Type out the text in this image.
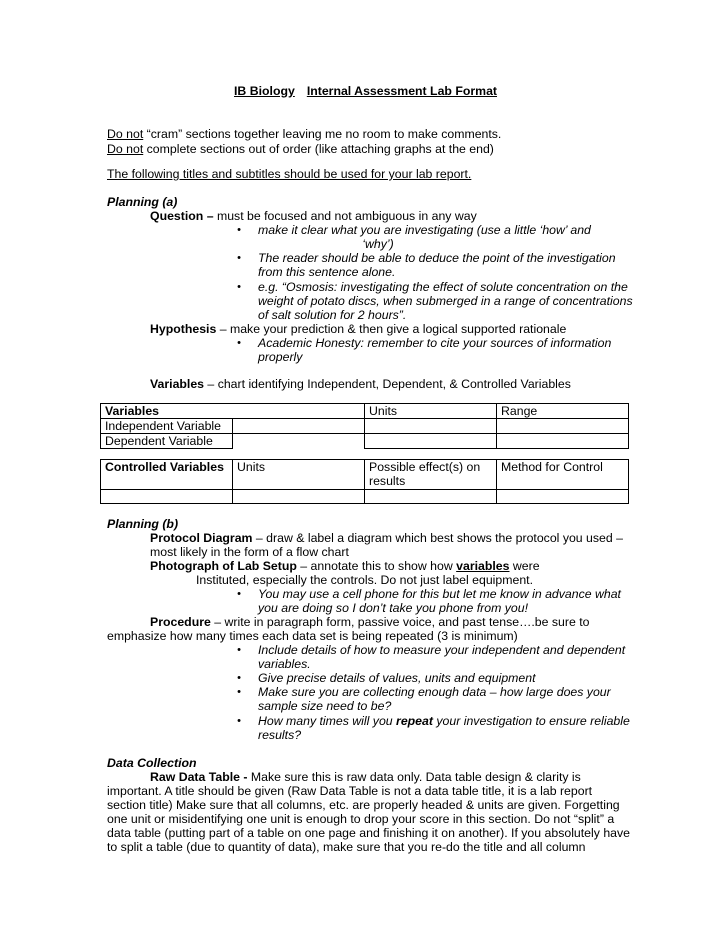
IB Biology Internal Assessment Lab Format
Do not “cram” sections together leaving me no room to make comments.
Do not complete sections out of order (like attaching graphs at the end)
The following titles and subtitles should be used for your lab report.
Planning (a)
Question – must be focused and not ambiguous in any way
• make it clear what you are investigating (use a little ‘how’ and
‘why’)
• The reader should be able to deduce the point of the investigation
from this sentence alone.
• e.g. “Osmosis: investigating the effect of solute concentration on the
weight of potato discs, when submerged in a range of concentrations
of salt solution for 2 hours”.
Hypothesis – make your prediction & then give a logical supported rationale
• Academic Honesty: remember to cite your sources of information
properly
Variables – chart identifying Independent, Dependent, & Controlled Variables
Variables		Units	Range
Independent Variable			
Dependent Variable			
Controlled Variables	Units	Possible effect(s) on results	Method for Control

Planning (b)
Protocol Diagram – draw & label a diagram which best shows the protocol you used –
most likely in the form of a flow chart
Photograph of Lab Setup – annotate this to show how variables were
Instituted, especially the controls. Do not just label equipment.
• You may use a cell phone for this but let me know in advance what
you are doing so I don’t take you phone from you!
Procedure – write in paragraph form, passive voice, and past tense….be sure to
emphasize how many times each data set is being repeated (3 is minimum)
• Include details of how to measure your independent and dependent
variables.
• Give precise details of values, units and equipment
• Make sure you are collecting enough data – how large does your
sample size need to be?
• How many times will you repeat your investigation to ensure reliable
results?
Data Collection
Raw Data Table - Make sure this is raw data only. Data table design & clarity is
important. A title should be given (Raw Data Table is not a data table title, it is a lab report
section title) Make sure that all columns, etc. are properly headed & units are given. Forgetting
one unit or misidentifying one unit is enough to drop your score in this section. Do not “split” a
data table (putting part of a table on one page and finishing it on another). If you absolutely have
to split a table (due to quantity of data), make sure that you re-do the title and all column
